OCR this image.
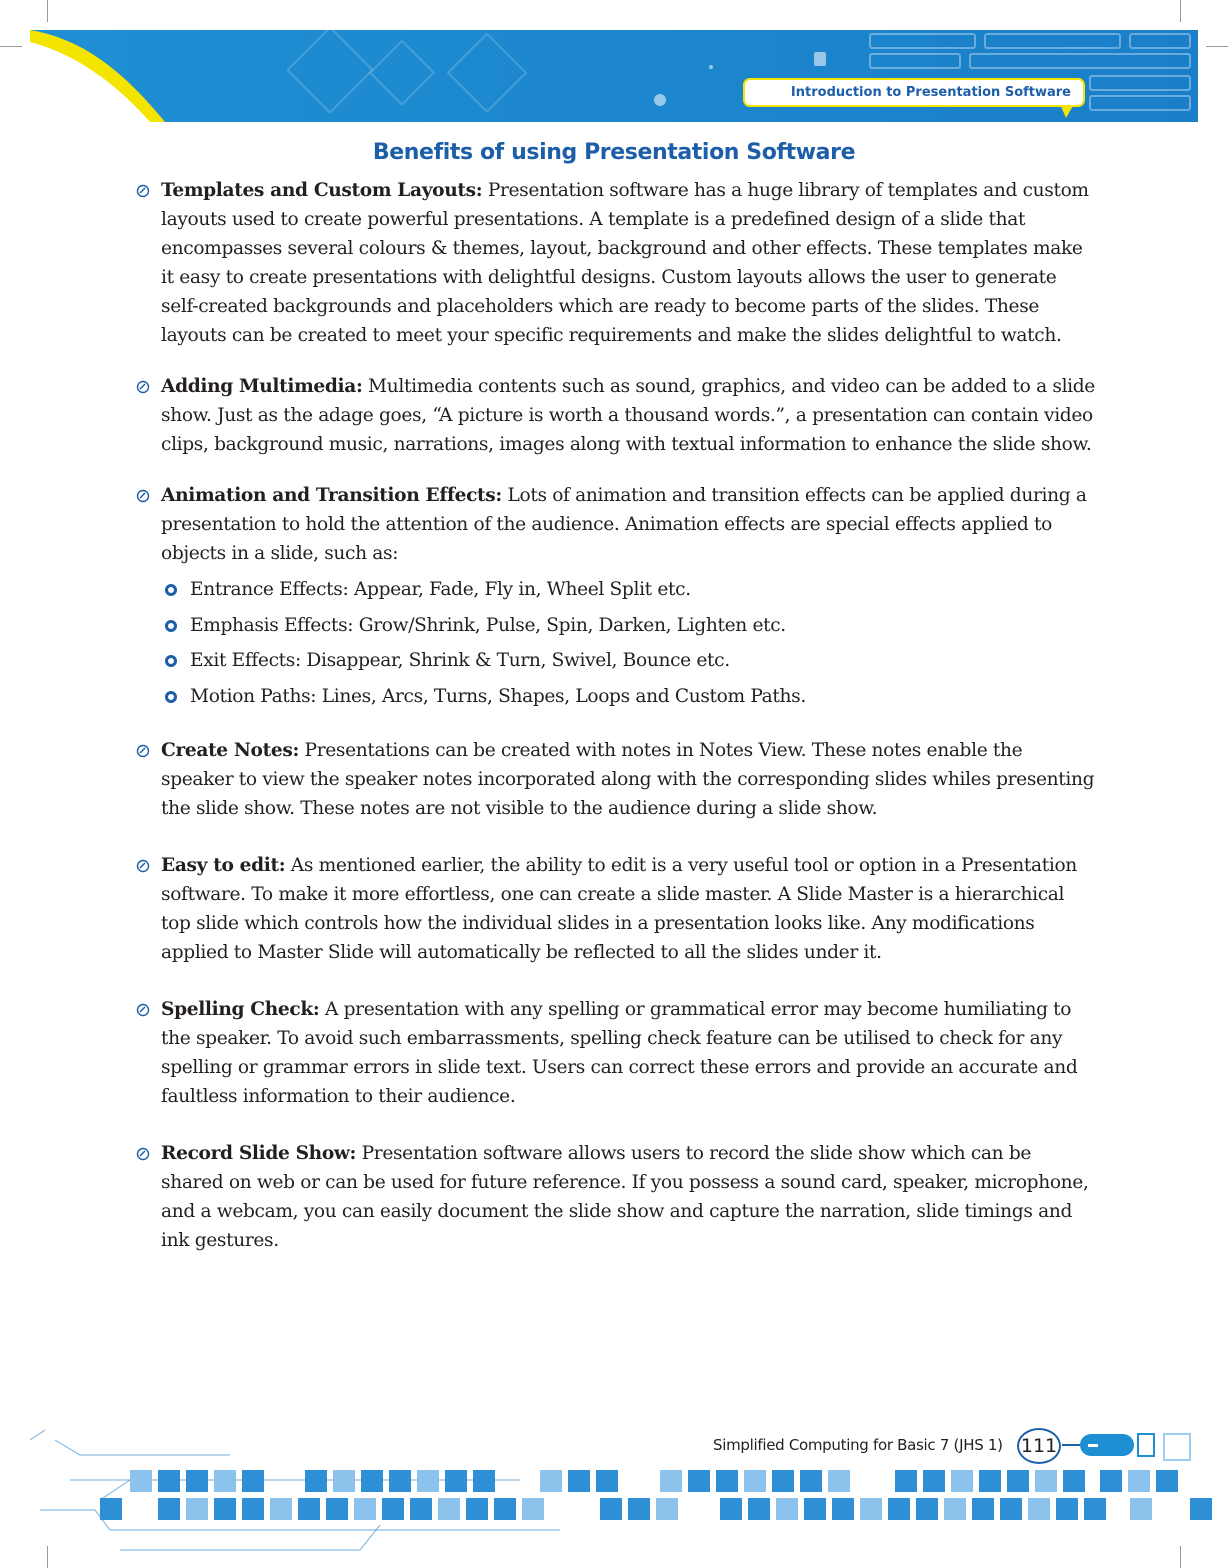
Introduction to Presentation Software
Benefits of using Presentation Software

Templates and Custom Layouts: Presentation software has a huge library of templates and custom layouts used to create powerful presentations. A template is a predefined design of a slide that encompasses several colours & themes, layout, background and other effects. These templates make it easy to create presentations with delightful designs. Custom layouts allows the user to generate self-created backgrounds and placeholders which are ready to become parts of the slides. These layouts can be created to meet your specific requirements and make the slides delightful to watch.

Adding Multimedia: Multimedia contents such as sound, graphics, and video can be added to a slide show. Just as the adage goes, “A picture is worth a thousand words.”, a presentation can contain video clips, background music, narrations, images along with textual information to enhance the slide show.

Animation and Transition Effects: Lots of animation and transition effects can be applied during a presentation to hold the attention of the audience. Animation effects are special effects applied to objects in a slide, such as:

Entrance Effects: Appear, Fade, Fly in, Wheel Split etc.
Emphasis Effects: Grow/Shrink, Pulse, Spin, Darken, Lighten etc.
Exit Effects: Disappear, Shrink & Turn, Swivel, Bounce etc.
Motion Paths: Lines, Arcs, Turns, Shapes, Loops and Custom Paths.

Create Notes: Presentations can be created with notes in Notes View. These notes enable the speaker to view the speaker notes incorporated along with the corresponding slides whiles presenting the slide show. These notes are not visible to the audience during a slide show.

Easy to edit: As mentioned earlier, the ability to edit is a very useful tool or option in a Presentation software. To make it more effortless, one can create a slide master. A Slide Master is a hierarchical top slide which controls how the individual slides in a presentation looks like. Any modifications applied to Master Slide will automatically be reflected to all the slides under it.

Spelling Check: A presentation with any spelling or grammatical error may become humiliating to the speaker. To avoid such embarrassments, spelling check feature can be utilised to check for any spelling or grammar errors in slide text. Users can correct these errors and provide an accurate and faultless information to their audience.

Record Slide Show: Presentation software allows users to record the slide show which can be shared on web or can be used for future reference. If you possess a sound card, speaker, microphone, and a webcam, you can easily document the slide show and capture the narration, slide timings and ink gestures.

Simplified Computing for Basic 7 (JHS 1) 111
